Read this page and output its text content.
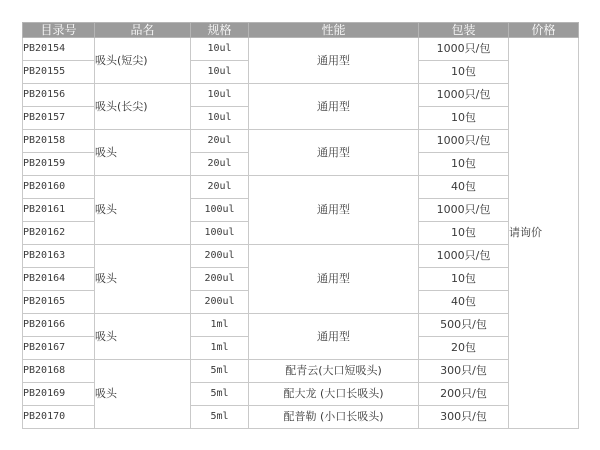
目录号	品名	规格	性能	包装	价格
PB20154	吸头(短尖)	10ul	通用型	1000只/包	请询价
PB20155		10ul		10包	
PB20156	吸头(长尖)	10ul	通用型	1000只/包	
PB20157		10ul		10包	
PB20158	吸头	20ul	通用型	1000只/包	
PB20159		20ul		10包	
PB20160	吸头	20ul	通用型	40包	
PB20161		100ul		1000只/包	
PB20162		100ul		10包	
PB20163	吸头	200ul	通用型	1000只/包	
PB20164		200ul		10包	
PB20165		200ul		40包	
PB20166	吸头	1ml	通用型	500只/包	
PB20167		1ml		20包	
PB20168	吸头	5ml	配青云(大口短吸头)	300只/包	
PB20169		5ml	配大龙 (大口长吸头)	200只/包	
PB20170		5ml	配普勒 (小口长吸头)	300只/包	
